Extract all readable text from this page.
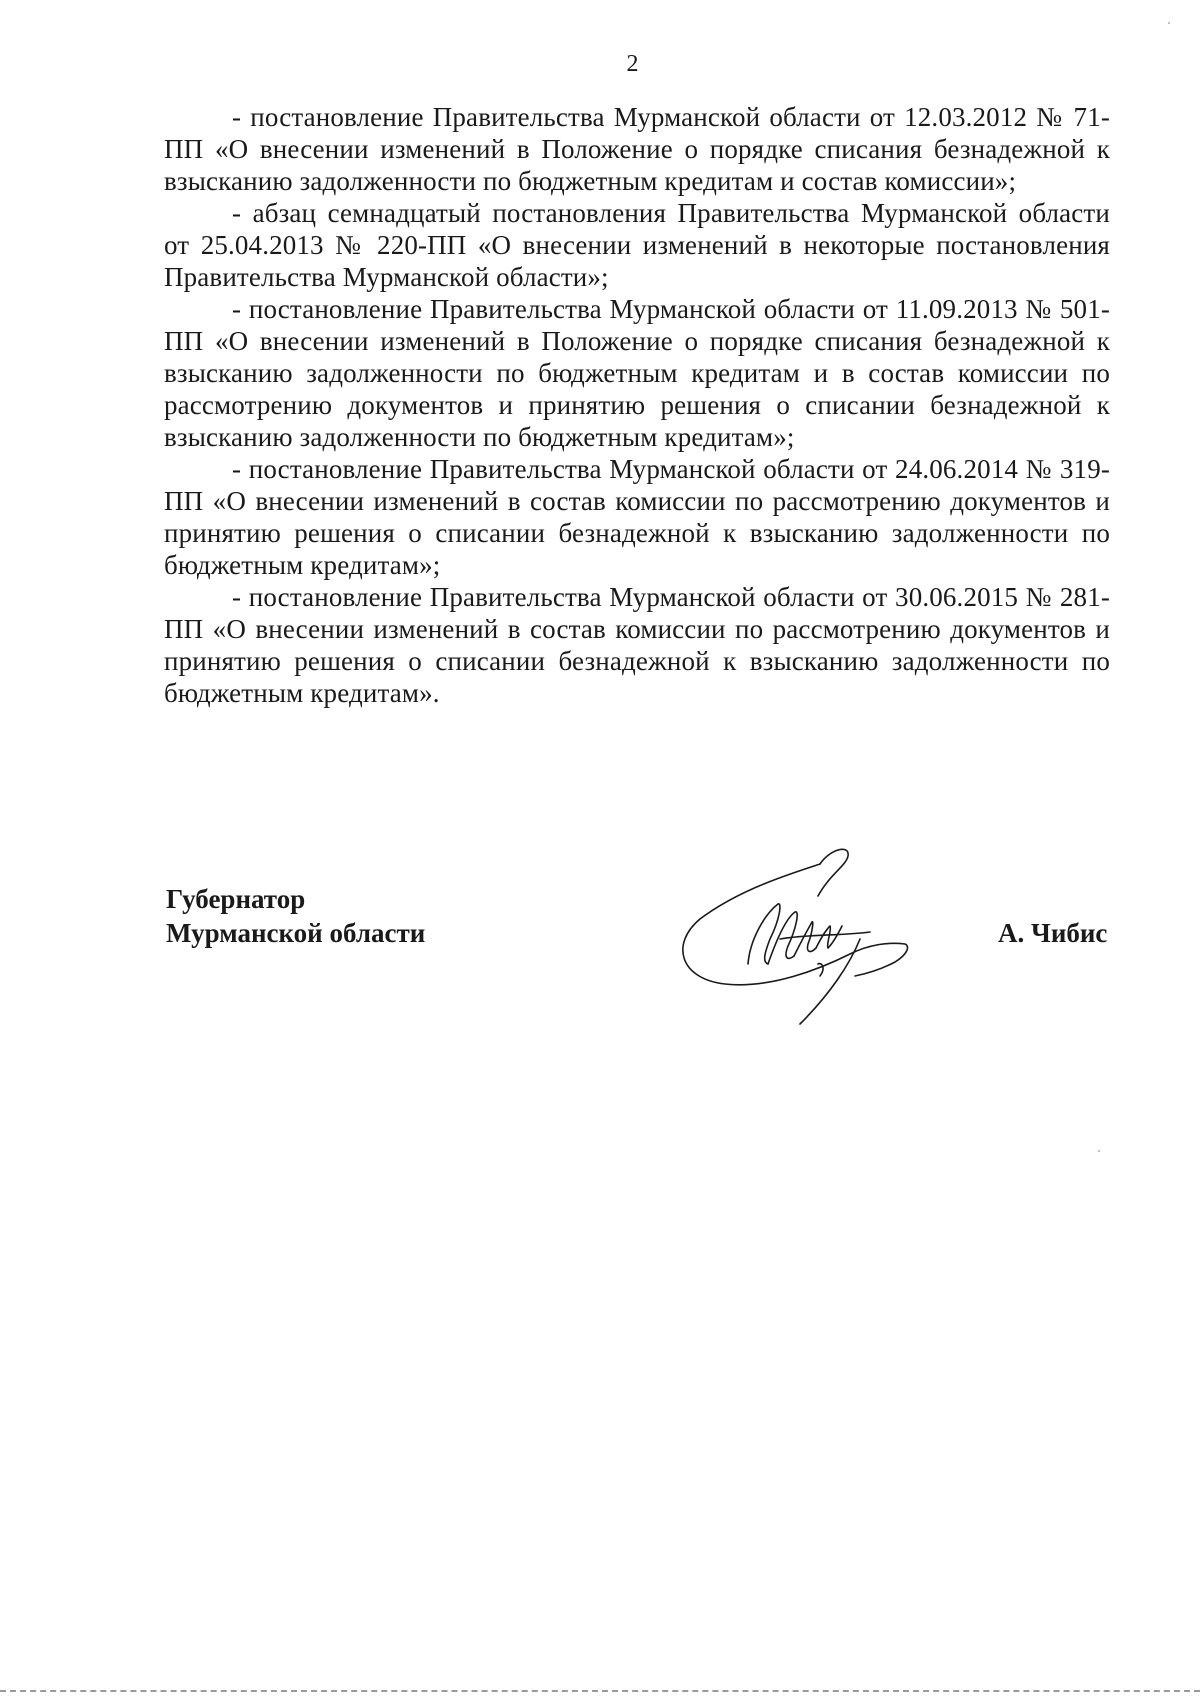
2

- постановление Правительства Мурманской области от 12.03.2012 № 71-ПП «О внесении изменений в Положение о порядке списания безнадежной к взысканию задолженности по бюджетным кредитам и состав комиссии»;

- абзац семнадцатый постановления Правительства Мурманской области от 25.04.2013 № 220-ПП «О внесении изменений в некоторые постановления Правительства Мурманской области»;

- постановление Правительства Мурманской области от 11.09.2013 № 501-ПП «О внесении изменений в Положение о порядке списания безнадежной к взысканию задолженности по бюджетным кредитам и в состав комиссии по рассмотрению документов и принятию решения о списании безнадежной к взысканию задолженности по бюджетным кредитам»;

- постановление Правительства Мурманской области от 24.06.2014 № 319-ПП «О внесении изменений в состав комиссии по рассмотрению документов и принятию решения о списании безнадежной к взысканию задолженности по бюджетным кредитам»;

- постановление Правительства Мурманской области от 30.06.2015 № 281-ПП «О внесении изменений в состав комиссии по рассмотрению документов и принятию решения о списании безнадежной к взысканию задолженности по бюджетным кредитам».

Губернатор
Мурманской области	А. Чибис
